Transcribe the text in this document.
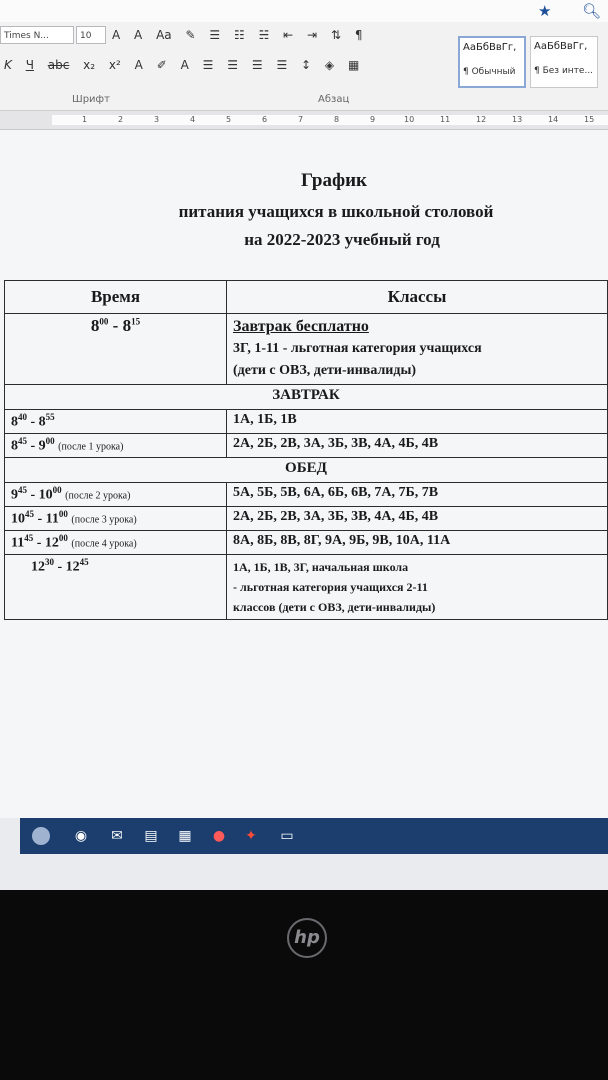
★ 🔍︎
Times N...	10	A A Aa ✎ ☰ ☷ ☵ ⇤ ⇥ ⇅ ¶
K Ч abc x₂ x² A ✐ A ☰ ☰ ☰ ☰ ↕ ◈ ▦
Шрифт	Абзац
АаБбВвГг,
¶ Обычный
АаБбВвГг,
¶ Без инте...
1	2	3	4	5	6	7	8	9	10	11	12	13	14	15
График
питания учащихся в школьной столовой
на 2022-2023 учебный год
Время	Классы
$8^{00} - 8^{15}$	Завтрак бесплатно
3Г, 1-11 - льготная категория учащихся
(дети с ОВЗ, дети-инвалиды)

ЗАВТРАК	
$8^{40} - 8^{55}$	1А, 1Б, 1В
$8^{45} - 9^{00}$ (после 1 урока)	2А, 2Б, 2В, 3А, 3Б, 3В, 4А, 4Б, 4В
ОБЕД	
$9^{45} - 10^{00}$ (после 2 урока)	5А, 5Б, 5В, 6А, 6Б, 6В, 7А, 7Б, 7В
$10^{45} - 11^{00}$ (после 3 урока)	2А, 2Б, 2В, 3А, 3Б, 3В, 4А, 4Б, 4В
$11^{45} - 12^{00}$ (после 4 урока)	8А, 8Б, 8В, 8Г, 9А, 9Б, 9В, 10А, 11А
$12^{30} - 12^{45}$	1А, 1Б, 1В, 3Г, начальная школа
- льготная категория учащихся 2-11
классов (дети с ОВЗ, дети-инвалиды)
◉ ✉ ▤ ▦ ● ✦ ▭
hp
